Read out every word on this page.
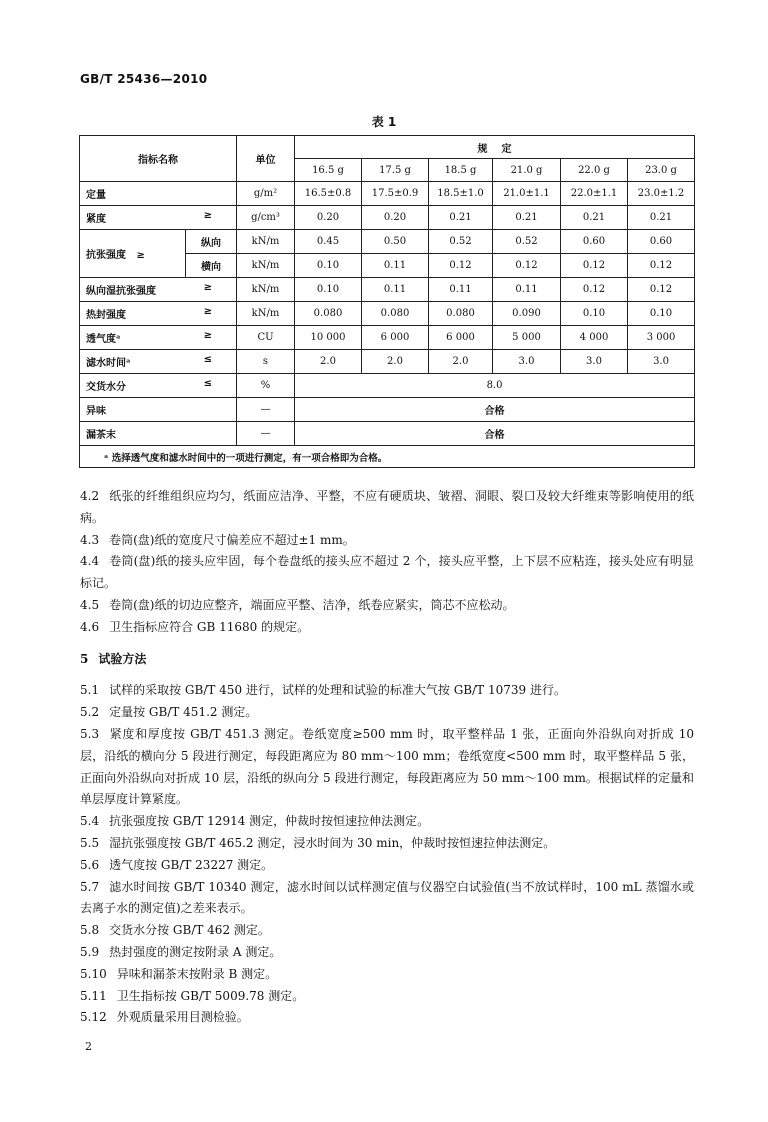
GB/T 25436—2010
表 1
指标名称		单位	规    定					
			16.5 g	17.5 g	18.5 g	21.0 g	22.0 g	23.0 g
定量		g/m²	16.5±0.8	17.5±0.9	18.5±1.0	21.0±1.1	22.0±1.1	23.0±1.2
紧度 ≥		g/cm³	0.20	0.20	0.21	0.21	0.21	0.21
抗张强度   ≥	纵向	kN/m	0.45	0.50	0.52	0.52	0.60	0.60
	横向	kN/m	0.10	0.11	0.12	0.12	0.12	0.12
纵向湿抗张强度 ≥		kN/m	0.10	0.11	0.11	0.11	0.12	0.12
热封强度 ≥		kN/m	0.080	0.080	0.080	0.090	0.10	0.10
透气度ᵃ ≥		CU	10 000	6 000	6 000	5 000	4 000	3 000
滤水时间ᵃ ≤		s	2.0	2.0	2.0	3.0	3.0	3.0
交货水分 ≤		%	8.0					
异味		—	合格					
漏茶末		—	合格					
ᵃ 选择透气度和滤水时间中的一项进行测定，有一项合格即为合格。								

4.2 纸张的纤维组织应均匀，纸面应洁净、平整，不应有硬质块、皱褶、洞眼、裂口及较大纤维束等影响使用的纸病。

4.3 卷筒(盘)纸的宽度尺寸偏差应不超过±1 mm。

4.4 卷筒(盘)纸的接头应牢固，每个卷盘纸的接头应不超过 2 个，接头应平整，上下层不应粘连，接头处应有明显标记。

4.5 卷筒(盘)纸的切边应整齐，端面应平整、洁净，纸卷应紧实，筒芯不应松动。

4.6 卫生指标应符合 GB 11680 的规定。

5 试验方法

5.1 试样的采取按 GB/T 450 进行，试样的处理和试验的标准大气按 GB/T 10739 进行。

5.2 定量按 GB/T 451.2 测定。

5.3 紧度和厚度按 GB/T 451.3 测定。卷纸宽度≥500 mm 时，取平整样品 1 张，正面向外沿纵向对折成 10 层，沿纸的横向分 5 段进行测定，每段距离应为 80 mm～100 mm；卷纸宽度<500 mm 时，取平整样品 5 张，正面向外沿纵向对折成 10 层，沿纸的纵向分 5 段进行测定，每段距离应为 50 mm～100 mm。根据试样的定量和单层厚度计算紧度。

5.4 抗张强度按 GB/T 12914 测定，仲裁时按恒速拉伸法测定。

5.5 湿抗张强度按 GB/T 465.2 测定，浸水时间为 30 min，仲裁时按恒速拉伸法测定。

5.6 透气度按 GB/T 23227 测定。

5.7 滤水时间按 GB/T 10340 测定，滤水时间以试样测定值与仪器空白试验值(当不放试样时，100 mL 蒸馏水或去离子水的测定值)之差来表示。

5.8 交货水分按 GB/T 462 测定。

5.9 热封强度的测定按附录 A 测定。

5.10 异味和漏茶末按附录 B 测定。

5.11 卫生指标按 GB/T 5009.78 测定。

5.12 外观质量采用目测检验。

2
